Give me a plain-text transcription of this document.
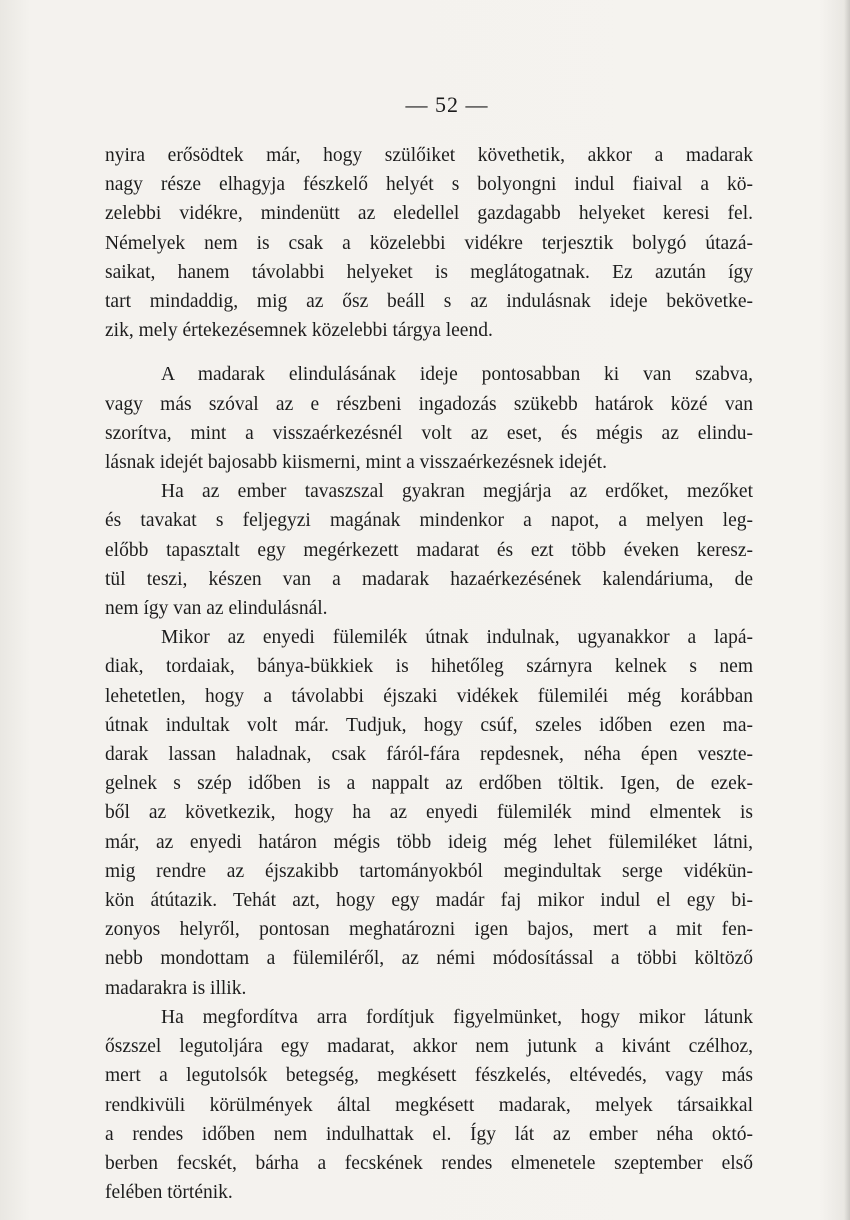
— 52 —
nyira erősödtek már, hogy szülőiket követhetik, akkor a madarak
nagy része elhagyja fészkelő helyét s bolyongni indul fiaival a kö-
zelebbi vidékre, mindenütt az eledellel gazdagabb helyeket keresi fel.
Némelyek nem is csak a közelebbi vidékre terjesztik bolygó útazá-
saikat, hanem távolabbi helyeket is meglátogatnak. Ez azután így
tart mindaddig, mig az ősz beáll s az indulásnak ideje bekövetke-
zik, mely értekezésemnek közelebbi tárgya leend.
A madarak elindulásának ideje pontosabban ki van szabva,
vagy más szóval az e részbeni ingadozás szükebb határok közé van
szorítva, mint a visszaérkezésnél volt az eset, és mégis az elindu-
lásnak idejét bajosabb kiismerni, mint a visszaérkezésnek idejét.
Ha az ember tavaszszal gyakran megjárja az erdőket, mezőket
és tavakat s feljegyzi magának mindenkor a napot, a melyen leg-
előbb tapasztalt egy megérkezett madarat és ezt több éveken keresz-
tül teszi, készen van a madarak hazaérkezésének kalendáriuma, de
nem így van az elindulásnál.
Mikor az enyedi fülemilék útnak indulnak, ugyanakkor a lapá-
diak, tordaiak, bánya-bükkiek is hihetőleg szárnyra kelnek s nem
lehetetlen, hogy a távolabbi éjszaki vidékek fülemiléi még korábban
útnak indultak volt már. Tudjuk, hogy csúf, szeles időben ezen ma-
darak lassan haladnak, csak fáról-fára repdesnek, néha épen veszte-
gelnek s szép időben is a nappalt az erdőben töltik. Igen, de ezek-
ből az következik, hogy ha az enyedi fülemilék mind elmentek is
már, az enyedi határon mégis több ideig még lehet fülemiléket látni,
mig rendre az éjszakibb tartományokból megindultak serge vidékün-
kön átútazik. Tehát azt, hogy egy madár faj mikor indul el egy bi-
zonyos helyről, pontosan meghatározni igen bajos, mert a mit fen-
nebb mondottam a fülemiléről, az némi módosítással a többi költöző
madarakra is illik.
Ha megfordítva arra fordítjuk figyelmünket, hogy mikor látunk
őszszel legutoljára egy madarat, akkor nem jutunk a kivánt czélhoz,
mert a legutolsók betegség, megkésett fészkelés, eltévedés, vagy más
rendkivüli körülmények által megkésett madarak, melyek társaikkal
a rendes időben nem indulhattak el. Így lát az ember néha októ-
berben fecskét, bárha a fecskének rendes elmenetele szeptember első
felében történik.
